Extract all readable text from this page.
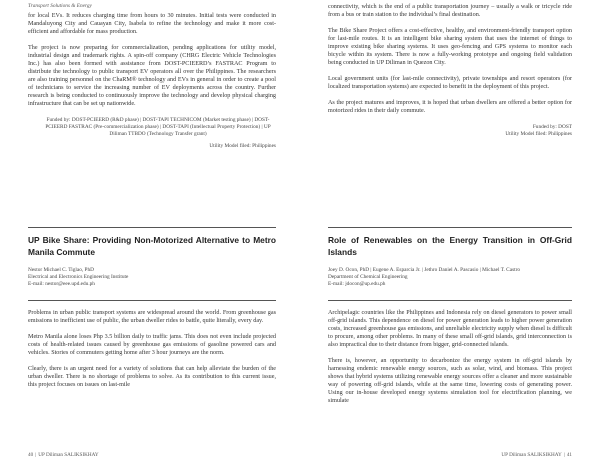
Transport Solutions & Energy

for local EVs. It reduces charging time from hours to 30 minutes. Initial tests were conducted in Mandaluyong City and Cauayan City, Isabela to refine the technology and make it more cost-efficient and affordable for mass production.

The project is now preparing for commercialization, pending applications for utility model, industrial design and trademark rights. A spin-off company (CHRG Electric Vehicle Technologies Inc.) has also been formed with assistance from DOST-PCIEERD’s FASTRAC Program to distribute the technology to public transport EV operators all over the Philippines. The researchers are also training personnel on the ChaRM® technology and EVs in general in order to create a pool of technicians to service the increasing number of EV deployments across the country. Further research is being conducted to continuously improve the technology and develop physical charging infrastructure that can be set up nationwide.

Funded by: DOST-PCIEERD (R&D phase) | DOST-TAPI TECHNICOM (Market testing phase) | DOST-PCIEERD FASTRAC (Pre-commercialization phase) | DOST-TAPI (Intellectual Property Protection) | UP Diliman TTBDO (Technology Transfer grant)
Utility Model filed: Philippines
UP Bike Share: Providing Non-Motorized Alternative to Metro Manila Commute
Nestor Michael C. Tiglao, PhD
Electrical and Electronics Engineering Institute
E-mail: nestor@eee.upd.edu.ph

Problems in urban public transport systems are widespread around the world. From greenhouse gas emissions to inefficient use of public, the urban dweller rides to battle, quite literally, every day.

Metro Manila alone loses Php 3.5 billion daily to traffic jams. This does not even include projected costs of health-related issues caused by greenhouse gas emissions of gasoline powered cars and vehicles. Stories of commuters getting home after 3 hour journeys are the norm.

Clearly, there is an urgent need for a variety of solutions that can help alleviate the burden of the urban dweller. There is no shortage of problems to solve. As its contribution to this current issue, this project focuses on issues on last-mile

40 | UP Diliman SALIKSIKHAY

connectivity, which is the end of a public transportation journey – usually a walk or tricycle ride from a bus or train station to the individual’s final destination.

The Bike Share Project offers a cost-effective, healthy, and environment-friendly transport option for last-mile routes. It is an intelligent bike sharing system that uses the internet of things to improve existing bike sharing systems. It uses geo-fencing and GPS systems to monitor each bicycle within its system. There is now a fully-working prototype and ongoing field validation being conducted in UP Diliman in Quezon City.

Local government units (for last-mile connectivity), private townships and resort operators (for localized transportation systems) are expected to benefit in the deployment of this project.

As the project matures and improves, it is hoped that urban dwellers are offered a better option for motorized rides in their daily commute.

Funded by: DOST
Utility Model filed: Philippines
Role of Renewables on the Energy Transition in Off-Grid Islands
Joey D. Ocon, PhD | Eugene A. Esparcia Jr. | Jethro Daniel A. Pascasio | Michael T. Castro
Department of Chemical Engineering
E-mail: jdocon@up.edu.ph

Archipelagic countries like the Philippines and Indonesia rely on diesel generators to power small off-grid islands. This dependence on diesel for power generation leads to higher power generation costs, increased greenhouse gas emissions, and unreliable electricity supply when diesel is difficult to procure, among other problems. In many of these small off-grid islands, grid interconnection is also impractical due to their distance from bigger, grid-connected islands.

There is, however, an opportunity to decarbonize the energy system in off-grid islands by harnessing endemic renewable energy sources, such as solar, wind, and biomass. This project shows that hybrid systems utilizing renewable energy sources offer a cleaner and more sustainable way of powering off-grid islands, while at the same time, lowering costs of generating power. Using our in-house developed energy systems simulation tool for electrification planning, we simulate

UP Diliman SALIKSIKHAY | 41
